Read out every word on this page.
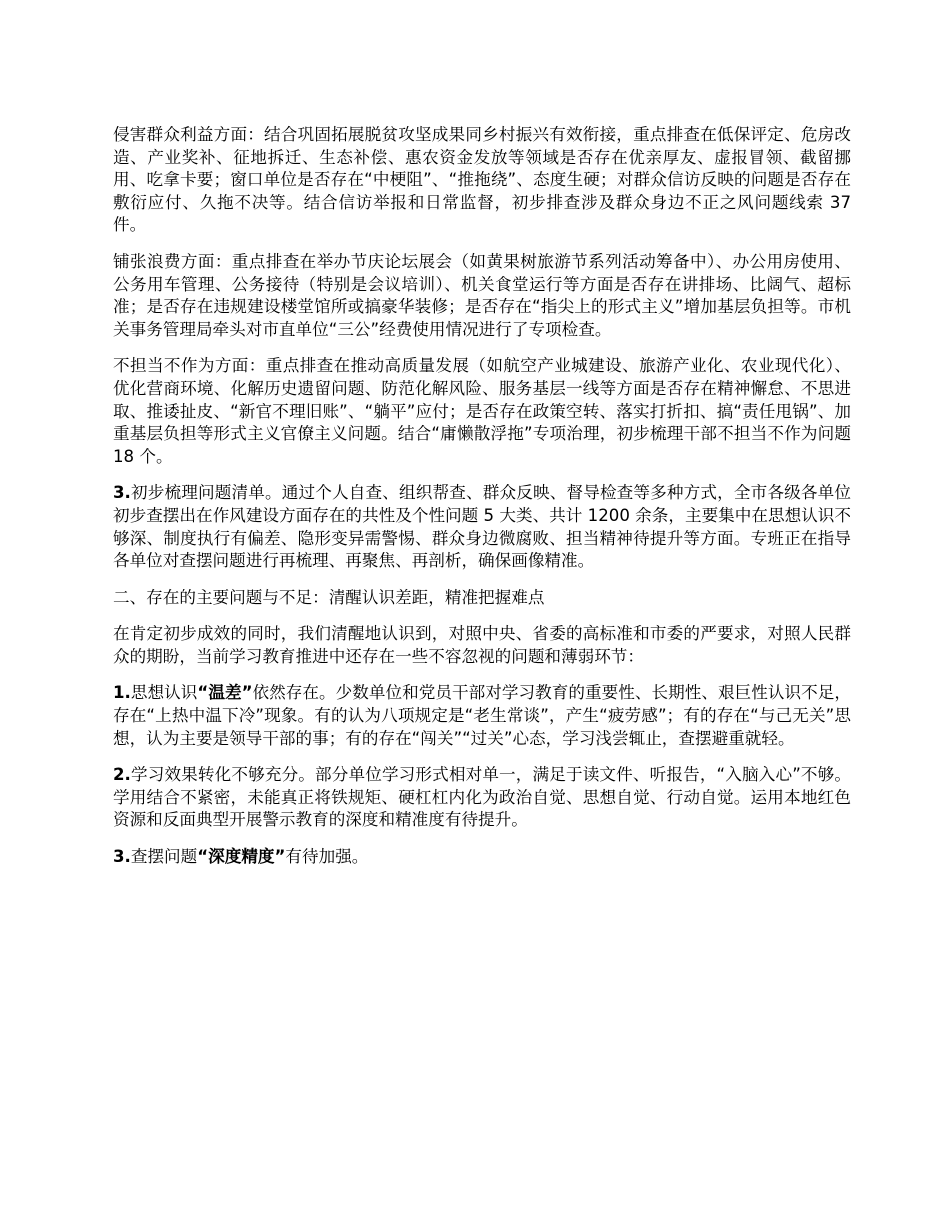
侵害群众利益方面：结合巩固拓展脱贫攻坚成果同乡村振兴有效衔接，重点排查在低保评定、危房改造、产业奖补、征地拆迁、生态补偿、惠农资金发放等领域是否存在优亲厚友、虚报冒领、截留挪用、吃拿卡要；窗口单位是否存在“中梗阻”、“推拖绕”、态度生硬；对群众信访反映的问题是否存在敷衍应付、久拖不决等。结合信访举报和日常监督，初步排查涉及群众身边不正之风问题线索 37 件。

铺张浪费方面：重点排查在举办节庆论坛展会（如黄果树旅游节系列活动筹备中）、办公用房使用、公务用车管理、公务接待（特别是会议培训）、机关食堂运行等方面是否存在讲排场、比阔气、超标准；是否存在违规建设楼堂馆所或搞豪华装修；是否存在“指尖上的形式主义”增加基层负担等。市机关事务管理局牵头对市直单位“三公”经费使用情况进行了专项检查。

不担当不作为方面：重点排查在推动高质量发展（如航空产业城建设、旅游产业化、农业现代化）、优化营商环境、化解历史遗留问题、防范化解风险、服务基层一线等方面是否存在精神懈怠、不思进取、推诿扯皮、“新官不理旧账”、“躺平”应付；是否存在政策空转、落实打折扣、搞“责任甩锅”、加重基层负担等形式主义官僚主义问题。结合“庸懒散浮拖”专项治理，初步梳理干部不担当不作为问题 18 个。

3.初步梳理问题清单。通过个人自查、组织帮查、群众反映、督导检查等多种方式，全市各级各单位初步查摆出在作风建设方面存在的共性及个性问题 5 大类、共计 1200 余条，主要集中在思想认识不够深、制度执行有偏差、隐形变异需警惕、群众身边微腐败、担当精神待提升等方面。专班正在指导各单位对查摆问题进行再梳理、再聚焦、再剖析，确保画像精准。

二、存在的主要问题与不足：清醒认识差距，精准把握难点

在肯定初步成效的同时，我们清醒地认识到，对照中央、省委的高标准和市委的严要求，对照人民群众的期盼，当前学习教育推进中还存在一些不容忽视的问题和薄弱环节：

1.思想认识“温差”依然存在。少数单位和党员干部对学习教育的重要性、长期性、艰巨性认识不足，存在“上热中温下冷”现象。有的认为八项规定是“老生常谈”，产生“疲劳感”；有的存在“与己无关”思想，认为主要是领导干部的事；有的存在“闯关”“过关”心态，学习浅尝辄止，查摆避重就轻。

2.学习效果转化不够充分。部分单位学习形式相对单一，满足于读文件、听报告，“入脑入心”不够。学用结合不紧密，未能真正将铁规矩、硬杠杠内化为政治自觉、思想自觉、行动自觉。运用本地红色资源和反面典型开展警示教育的深度和精准度有待提升。

3.查摆问题“深度精度”有待加强。
